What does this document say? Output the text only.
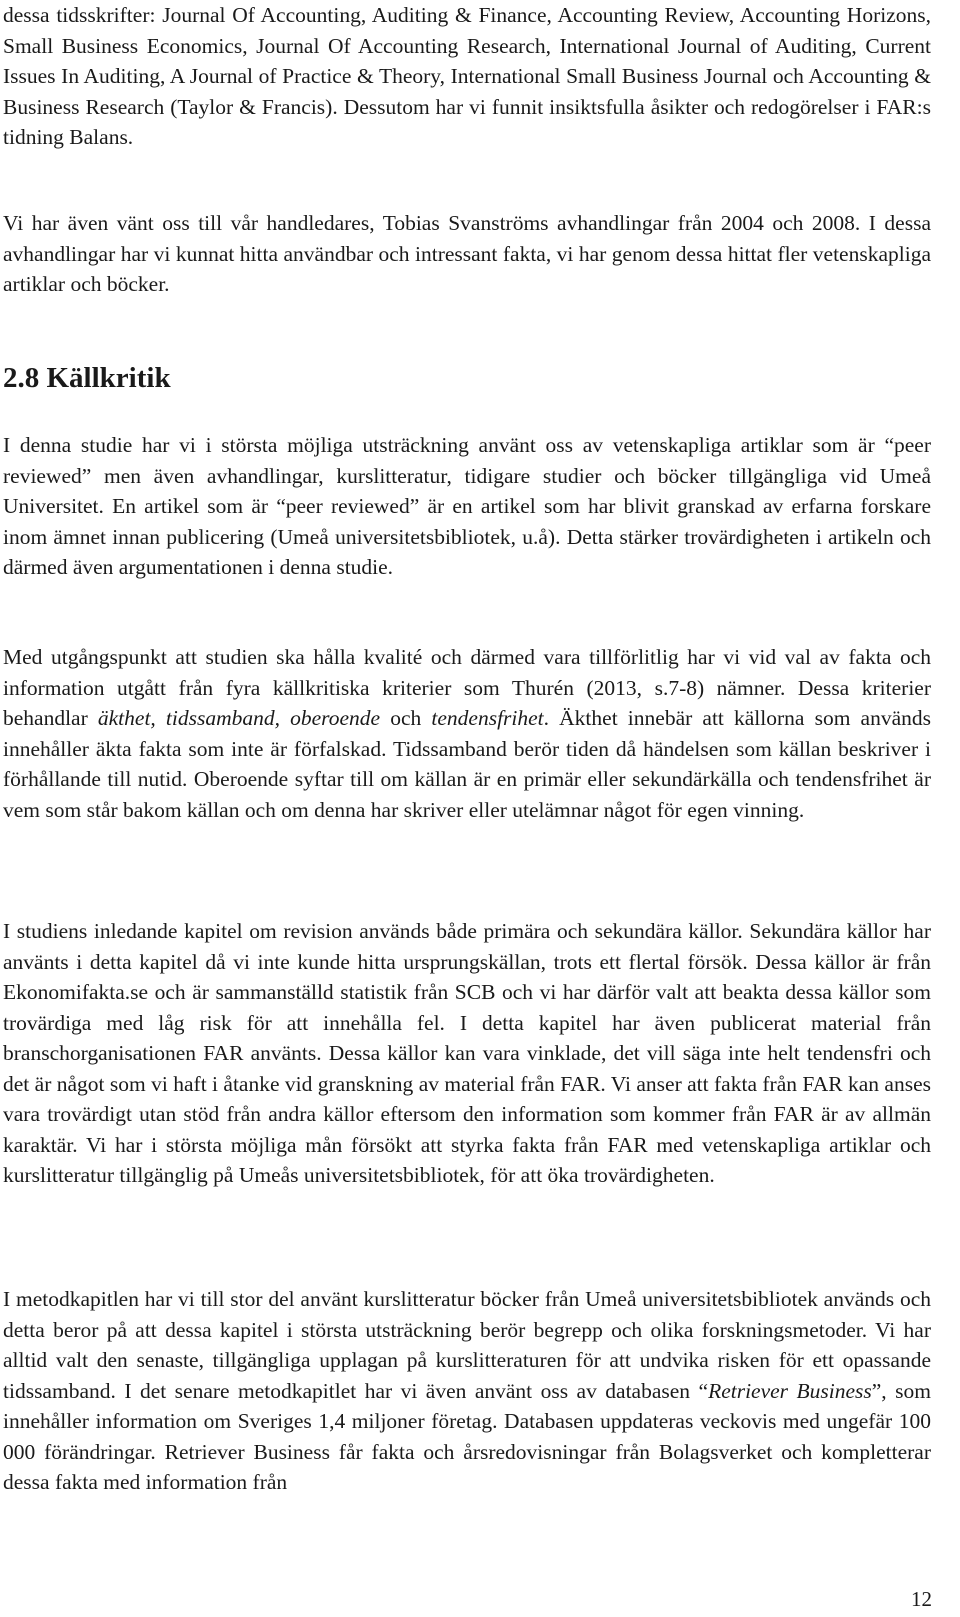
dessa tidsskrifter: Journal Of Accounting, Auditing & Finance, Accounting Review, Accounting Horizons, Small Business Economics, Journal Of Accounting Research, International Journal of Auditing, Current Issues In Auditing, A Journal of Practice & Theory, International Small Business Journal och Accounting & Business Research (Taylor & Francis). Dessutom har vi funnit insiktsfulla åsikter och redogörelser i FAR:s tidning Balans.

Vi har även vänt oss till vår handledares, Tobias Svanströms avhandlingar från 2004 och 2008. I dessa avhandlingar har vi kunnat hitta användbar och intressant fakta, vi har genom dessa hittat fler vetenskapliga artiklar och böcker.

2.8 Källkritik

I denna studie har vi i största möjliga utsträckning använt oss av vetenskapliga artiklar som är “peer reviewed” men även avhandlingar, kurslitteratur, tidigare studier och böcker tillgängliga vid Umeå Universitet. En artikel som är “peer reviewed” är en artikel som har blivit granskad av erfarna forskare inom ämnet innan publicering (Umeå universitetsbibliotek, u.å). Detta stärker trovärdigheten i artikeln och därmed även argumentationen i denna studie.

Med utgångspunkt att studien ska hålla kvalité och därmed vara tillförlitlig har vi vid val av fakta och information utgått från fyra källkritiska kriterier som Thurén (2013, s.7-8) nämner. Dessa kriterier behandlar äkthet, tidssamband, oberoende och tendensfrihet. Äkthet innebär att källorna som används innehåller äkta fakta som inte är förfalskad. Tidssamband berör tiden då händelsen som källan beskriver i förhållande till nutid. Oberoende syftar till om källan är en primär eller sekundärkälla och tendensfrihet är vem som står bakom källan och om denna har skriver eller utelämnar något för egen vinning.

I studiens inledande kapitel om revision används både primära och sekundära källor. Sekundära källor har använts i detta kapitel då vi inte kunde hitta ursprungskällan, trots ett flertal försök. Dessa källor är från Ekonomifakta.se och är sammanställd statistik från SCB och vi har därför valt att beakta dessa källor som trovärdiga med låg risk för att innehålla fel. I detta kapitel har även publicerat material från branschorganisationen FAR använts. Dessa källor kan vara vinklade, det vill säga inte helt tendensfri och det är något som vi haft i åtanke vid granskning av material från FAR. Vi anser att fakta från FAR kan anses vara trovärdigt utan stöd från andra källor eftersom den information som kommer från FAR är av allmän karaktär. Vi har i största möjliga mån försökt att styrka fakta från FAR med vetenskapliga artiklar och kurslitteratur tillgänglig på Umeås universitetsbibliotek, för att öka trovärdigheten.

I metodkapitlen har vi till stor del använt kurslitteratur böcker från Umeå universitetsbibliotek används och detta beror på att dessa kapitel i största utsträckning berör begrepp och olika forskningsmetoder. Vi har alltid valt den senaste, tillgängliga upplagan på kurslitteraturen för att undvika risken för ett opassande tidssamband. I det senare metodkapitlet har vi även använt oss av databasen “Retriever Business”, som innehåller information om Sveriges 1,4 miljoner företag. Databasen uppdateras veckovis med ungefär 100 000 förändringar. Retriever Business får fakta och årsredovisningar från Bolagsverket och kompletterar dessa fakta med information från

12
